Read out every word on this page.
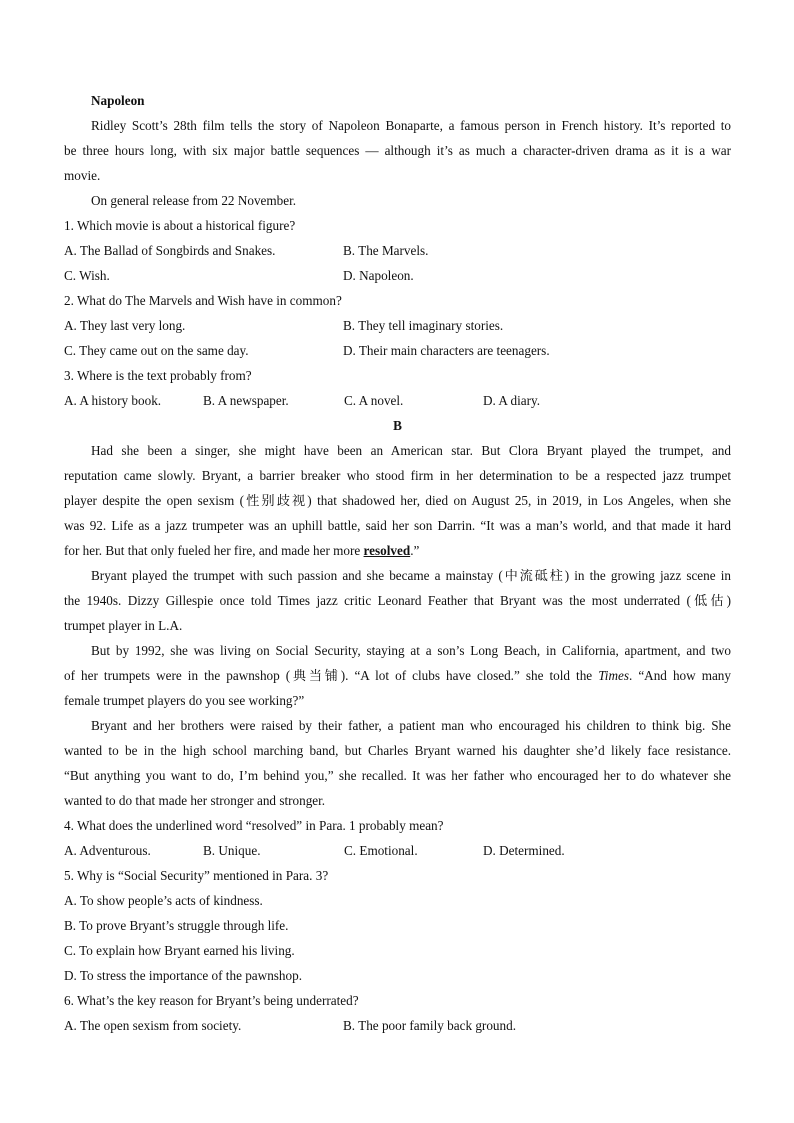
Napoleon
Ridley Scott’s 28th film tells the story of Napoleon Bonaparte, a famous person in French history. It’s reported to
be three hours long, with six major battle sequences — although it’s as much a character-driven drama as it is a war
movie.
On general release from 22 November.
1. Which movie is about a historical figure?
A. The Ballad of Songbirds and Snakes.	B. The Marvels.
C. Wish.	D. Napoleon.
2. What do The Marvels and Wish have in common?
A. They last very long.	B. They tell imaginary stories.
C. They came out on the same day.	D. Their main characters are teenagers.
3. Where is the text probably from?
A. A history book.	B. A newspaper.	C. A novel.	D. A diary.
B
Had she been a singer, she might have been an American star. But Clora Bryant played the trumpet, and
reputation came slowly. Bryant, a barrier breaker who stood firm in her determination to be a respected jazz trumpet
player despite the open sexism (性别歧视) that shadowed her, died on August 25, in 2019, in Los Angeles, when she
was 92. Life as a jazz trumpeter was an uphill battle, said her son Darrin. “It was a man’s world, and that made it hard
for her. But that only fueled her fire, and made her more resolved.”
Bryant played the trumpet with such passion and she became a mainstay (中流砥柱) in the growing jazz scene in
the 1940s. Dizzy Gillespie once told Times jazz critic Leonard Feather that Bryant was the most underrated (低估)
trumpet player in L.A.
But by 1992, she was living on Social Security, staying at a son’s Long Beach, in California, apartment, and two
of her trumpets were in the pawnshop (典当铺). “A lot of clubs have closed.” she told the Times. “And how many
female trumpet players do you see working?”
Bryant and her brothers were raised by their father, a patient man who encouraged his children to think big. She
wanted to be in the high school marching band, but Charles Bryant warned his daughter she’d likely face resistance.
“But anything you want to do, I’m behind you,” she recalled. It was her father who encouraged her to do whatever she
wanted to do that made her stronger and stronger.
4. What does the underlined word “resolved” in Para. 1 probably mean?
A. Adventurous.	B. Unique.	C. Emotional.	D. Determined.
5. Why is “Social Security” mentioned in Para. 3?
A. To show people’s acts of kindness.
B. To prove Bryant’s struggle through life.
C. To explain how Bryant earned his living.
D. To stress the importance of the pawnshop.
6. What’s the key reason for Bryant’s being underrated?
A. The open sexism from society.	B. The poor family back ground.
